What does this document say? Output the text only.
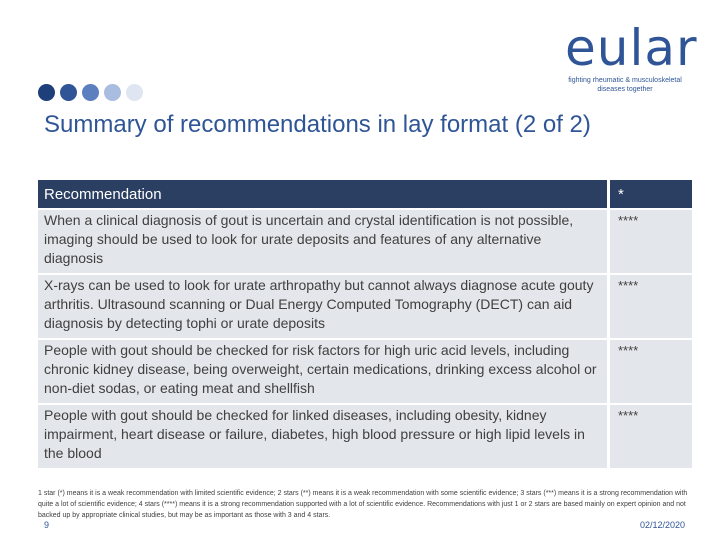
eular
fighting rheumatic & musculoskeletal diseases together
Summary of recommendations in lay format (2 of 2)
Recommendation	*
When a clinical diagnosis of gout is uncertain and crystal identification is not possible, imaging should be used to look for urate deposits and features of any alternative diagnosis	****
X-rays can be used to look for urate arthropathy but cannot always diagnose acute gouty arthritis. Ultrasound scanning or Dual Energy Computed Tomography (DECT) can aid diagnosis by detecting tophi or urate deposits	****
People with gout should be checked for risk factors for high uric acid levels, including chronic kidney disease, being overweight, certain medications, drinking excess alcohol or non-diet sodas, or eating meat and shellfish	****
People with gout should be checked for linked diseases, including obesity, kidney impairment, heart disease or failure, diabetes, high blood pressure or high lipid levels in the blood	****
1 star (*) means it is a weak recommendation with limited scientific evidence; 2 stars (**) means it is a weak recommendation with some scientific evidence; 3 stars (***) means it is a strong recommendation with quite a lot of scientific evidence; 4 stars (****) means it is a strong recommendation supported with a lot of scientific evidence. Recommendations with just 1 or 2 stars are based mainly on expert opinion and not backed up by appropriate clinical studies, but may be as important as those with 3 and 4 stars.
9	02/12/2020
